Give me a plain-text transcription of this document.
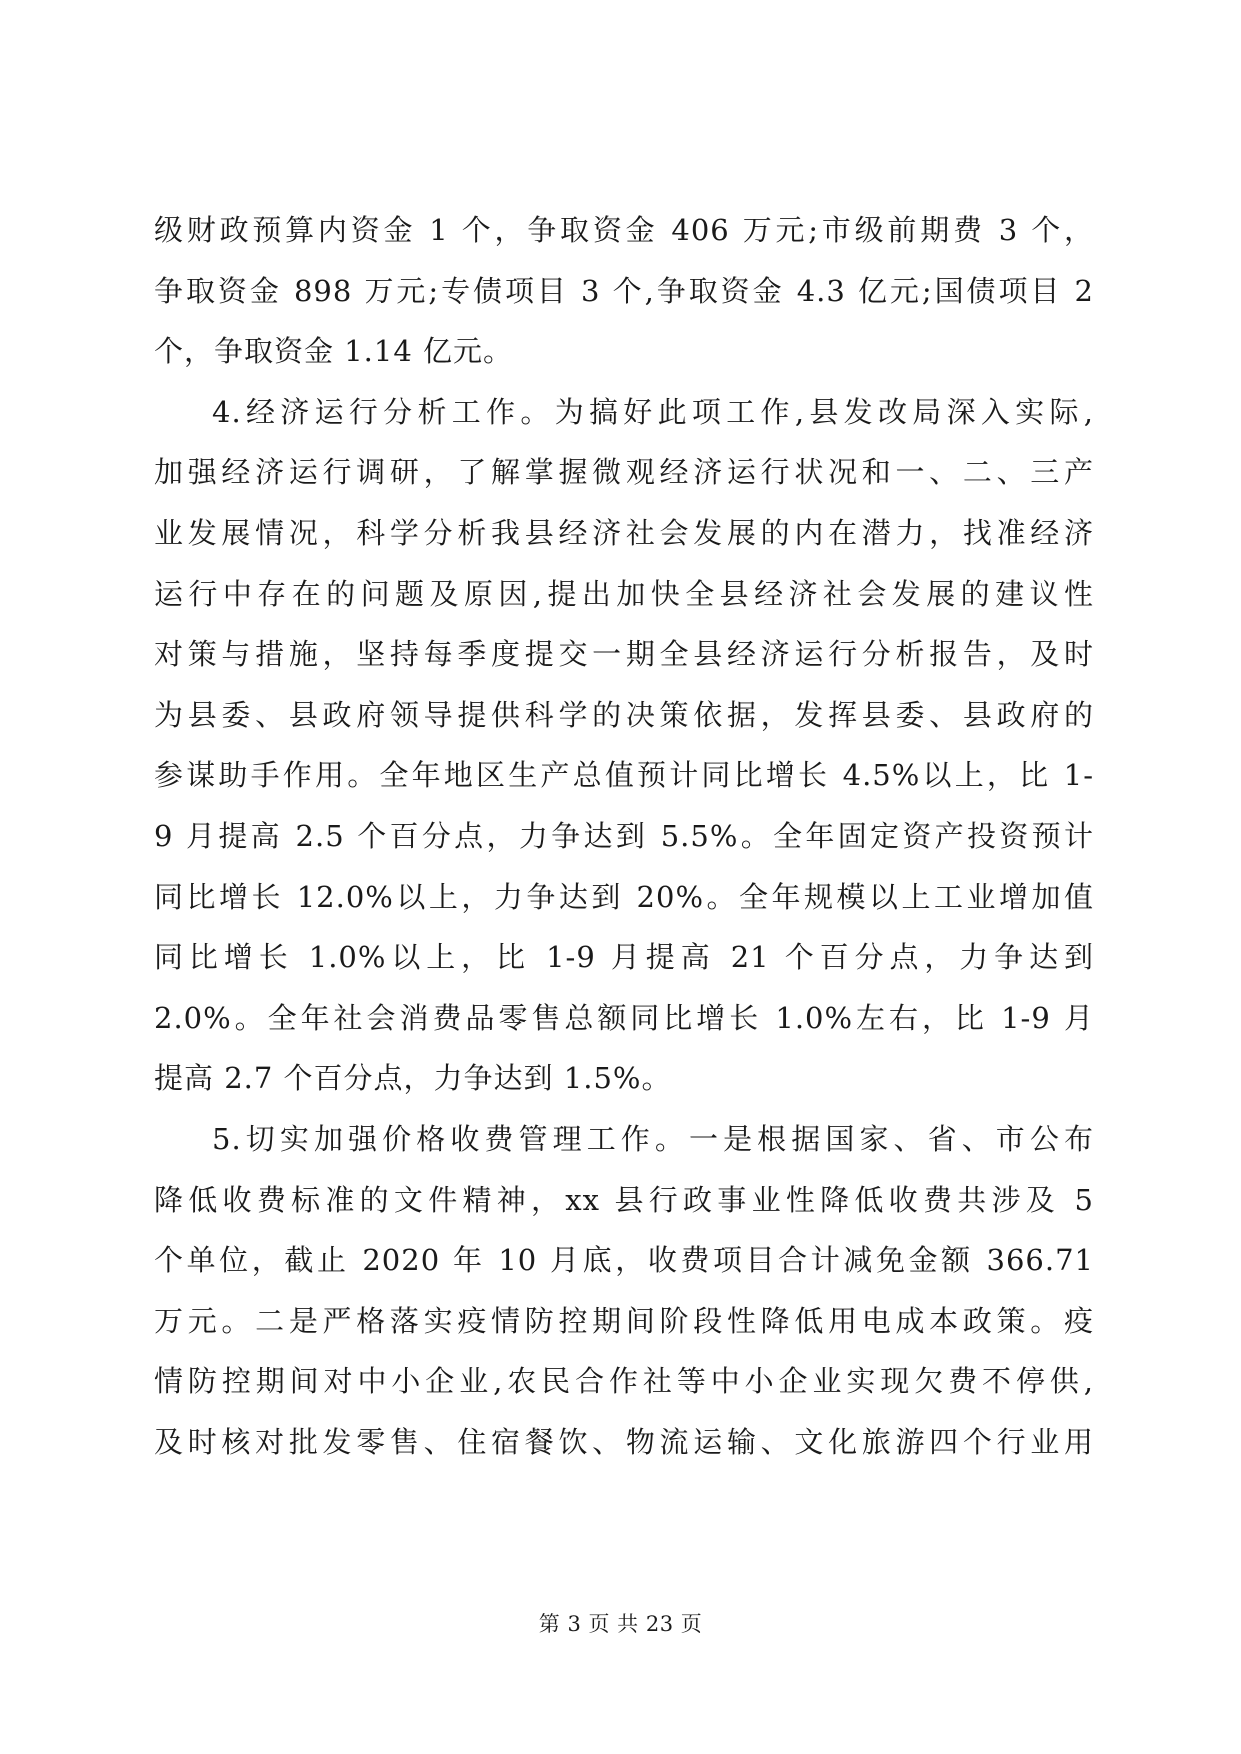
级财政预算内资金 1 个，争取资金 406 万元;市级前期费 3 个，
争取资金 898 万元;专债项目 3 个,争取资金 4.3 亿元;国债项目 2
个，争取资金 1.14 亿元。
4.经济运行分析工作。为搞好此项工作,县发改局深入实际,
加强经济运行调研，了解掌握微观经济运行状况和一、二、三产
业发展情况，科学分析我县经济社会发展的内在潜力，找准经济
运行中存在的问题及原因,提出加快全县经济社会发展的建议性
对策与措施，坚持每季度提交一期全县经济运行分析报告，及时
为县委、县政府领导提供科学的决策依据，发挥县委、县政府的
参谋助手作用。全年地区生产总值预计同比增长 4.5%以上，比 1-
9 月提高 2.5 个百分点，力争达到 5.5%。全年固定资产投资预计
同比增长 12.0%以上，力争达到 20%。全年规模以上工业增加值
同比增长 1.0%以上，比 1-9 月提高 21 个百分点，力争达到
2.0%。全年社会消费品零售总额同比增长 1.0%左右，比 1-9 月
提高 2.7 个百分点，力争达到 1.5%。
5.切实加强价格收费管理工作。一是根据国家、省、市公布
降低收费标准的文件精神，xx 县行政事业性降低收费共涉及 5
个单位，截止 2020 年 10 月底，收费项目合计减免金额 366.71
万元。二是严格落实疫情防控期间阶段性降低用电成本政策。疫
情防控期间对中小企业,农民合作社等中小企业实现欠费不停供,
及时核对批发零售、住宿餐饮、物流运输、文化旅游四个行业用
第 3 页 共 23 页
